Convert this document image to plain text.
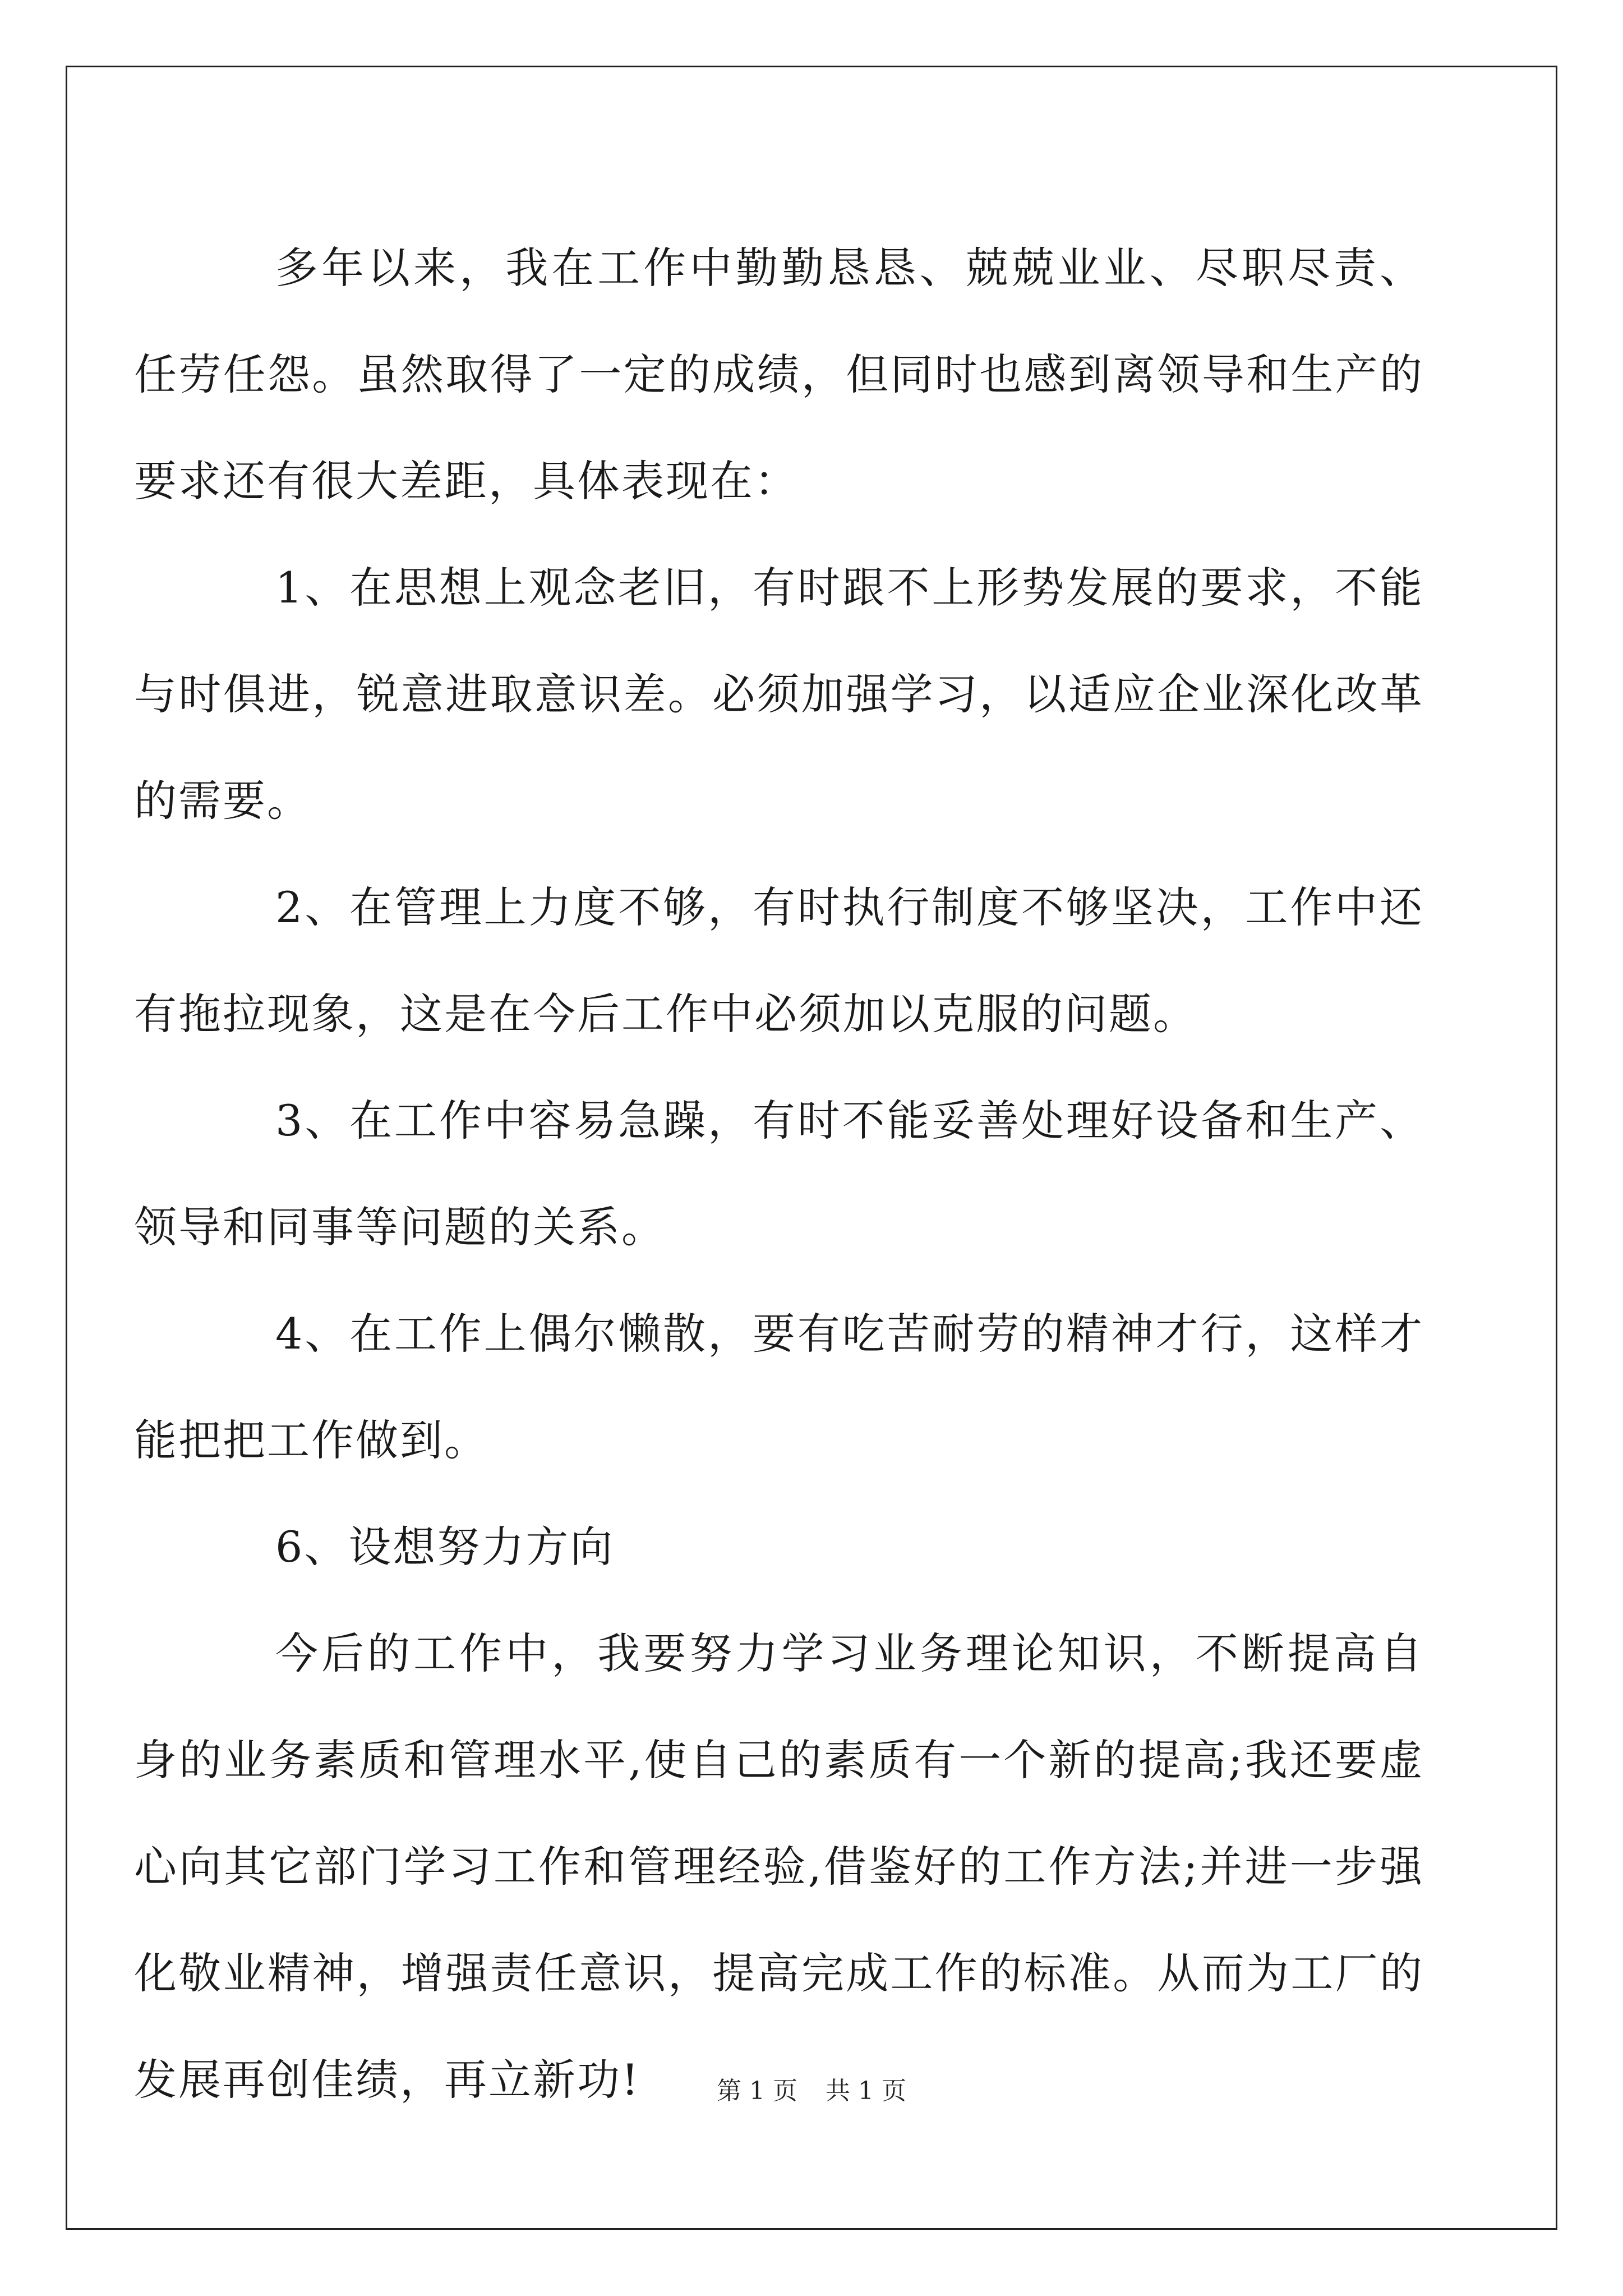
多年以来，我在工作中勤勤恳恳、兢兢业业、尽职尽责、任劳任怨。虽然取得了一定的成绩，但同时也感到离领导和生产的要求还有很大差距，具体表现在：

1、在思想上观念老旧，有时跟不上形势发展的要求，不能与时俱进，锐意进取意识差。必须加强学习，以适应企业深化改革的需要。

2、在管理上力度不够，有时执行制度不够坚决，工作中还有拖拉现象，这是在今后工作中必须加以克服的问题。

3、在工作中容易急躁，有时不能妥善处理好设备和生产、领导和同事等问题的关系。

4、在工作上偶尔懒散，要有吃苦耐劳的精神才行，这样才能把把工作做到。

6、设想努力方向

今后的工作中，我要努力学习业务理论知识，不断提高自身的业务素质和管理水平,使自己的素质有一个新的提高;我还要虚心向其它部门学习工作和管理经验,借鉴好的工作方法;并进一步强化敬业精神，增强责任意识，提高完成工作的标准。从而为工厂的发展再创佳绩，再立新功!	第 1 页 共 1 页
